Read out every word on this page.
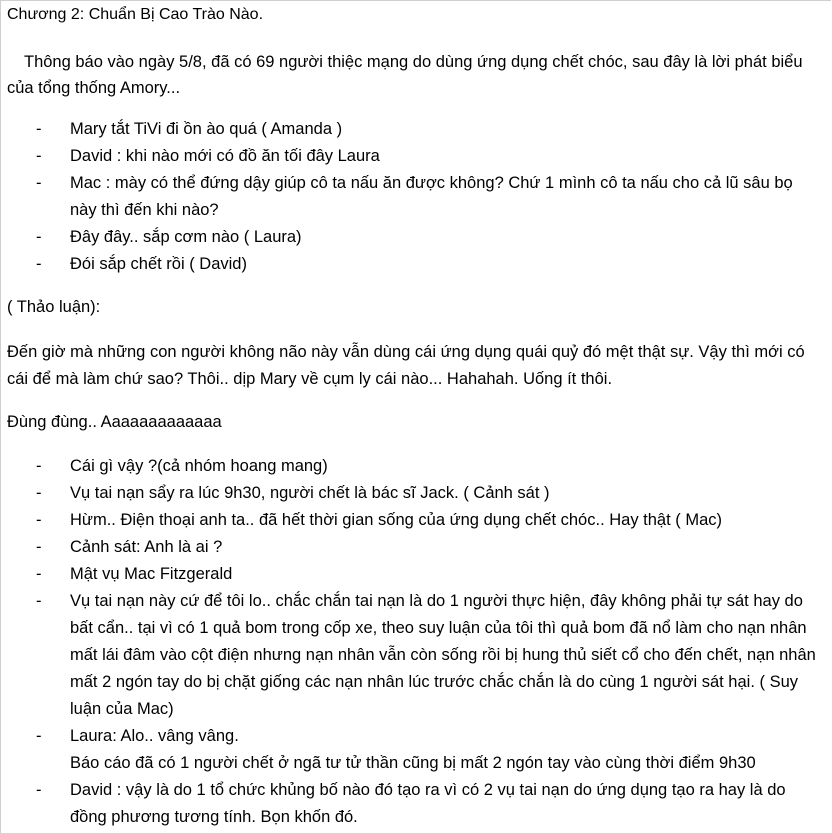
Chương 2: Chuẩn Bị Cao Trào Nào.

Thông báo vào ngày 5/8, đã có 69 người thiệc mạng do dùng ứng dụng chết chóc, sau đây là lời phát biểu của tổng thống Amory...

- Mary tắt TiVi đi ồn ào quá ( Amanda )
- David : khi nào mới có đồ ăn tối đây Laura
- Mac : mày có thể đứng dậy giúp cô ta nấu ăn được không? Chứ 1 mình cô ta nấu cho cả lũ sâu bọ này thì đến khi nào?
- Đây đây.. sắp cơm nào ( Laura)
- Đói sắp chết rồi ( David)

( Thảo luận):

Đến giờ mà những con người không não này vẫn dùng cái ứng dụng quái quỷ đó mệt thật sự. Vậy thì mới có cái để mà làm chứ sao? Thôi.. dịp Mary về cụm ly cái nào... Hahahah. Uống ít thôi.

Đùng đùng.. Aaaaaaaaaaaaa

- Cái gì vậy ?(cả nhóm hoang mang)
- Vụ tai nạn sẩy ra lúc 9h30, người chết là bác sĩ Jack. ( Cảnh sát )
- Hừm.. Điện thoại anh ta.. đã hết thời gian sống của ứng dụng chết chóc.. Hay thật ( Mac)
- Cảnh sát: Anh là ai ?
- Mật vụ Mac Fitzgerald
- Vụ tai nạn này cứ để tôi lo.. chắc chắn tai nạn là do 1 người thực hiện, đây không phải tự sát hay do bất cẩn.. tại vì có 1 quả bom trong cốp xe, theo suy luận của tôi thì quả bom đã nổ làm cho nạn nhân mất lái đâm vào cột điện nhưng nạn nhân vẫn còn sống rồi bị hung thủ siết cổ cho đến chết, nạn nhân mất 2 ngón tay do bị chặt giống các nạn nhân lúc trước chắc chắn là do cùng 1 người sát hại. ( Suy luận của Mac)
- Laura: Alo.. vâng vâng.
Báo cáo đã có 1 người chết ở ngã tư tử thần cũng bị mất 2 ngón tay vào cùng thời điểm 9h30
- David : vậy là do 1 tổ chức khủng bố nào đó tạo ra vì có 2 vụ tai nạn do ứng dụng tạo ra hay là do đồng phương tương tính. Bọn khốn đó.
